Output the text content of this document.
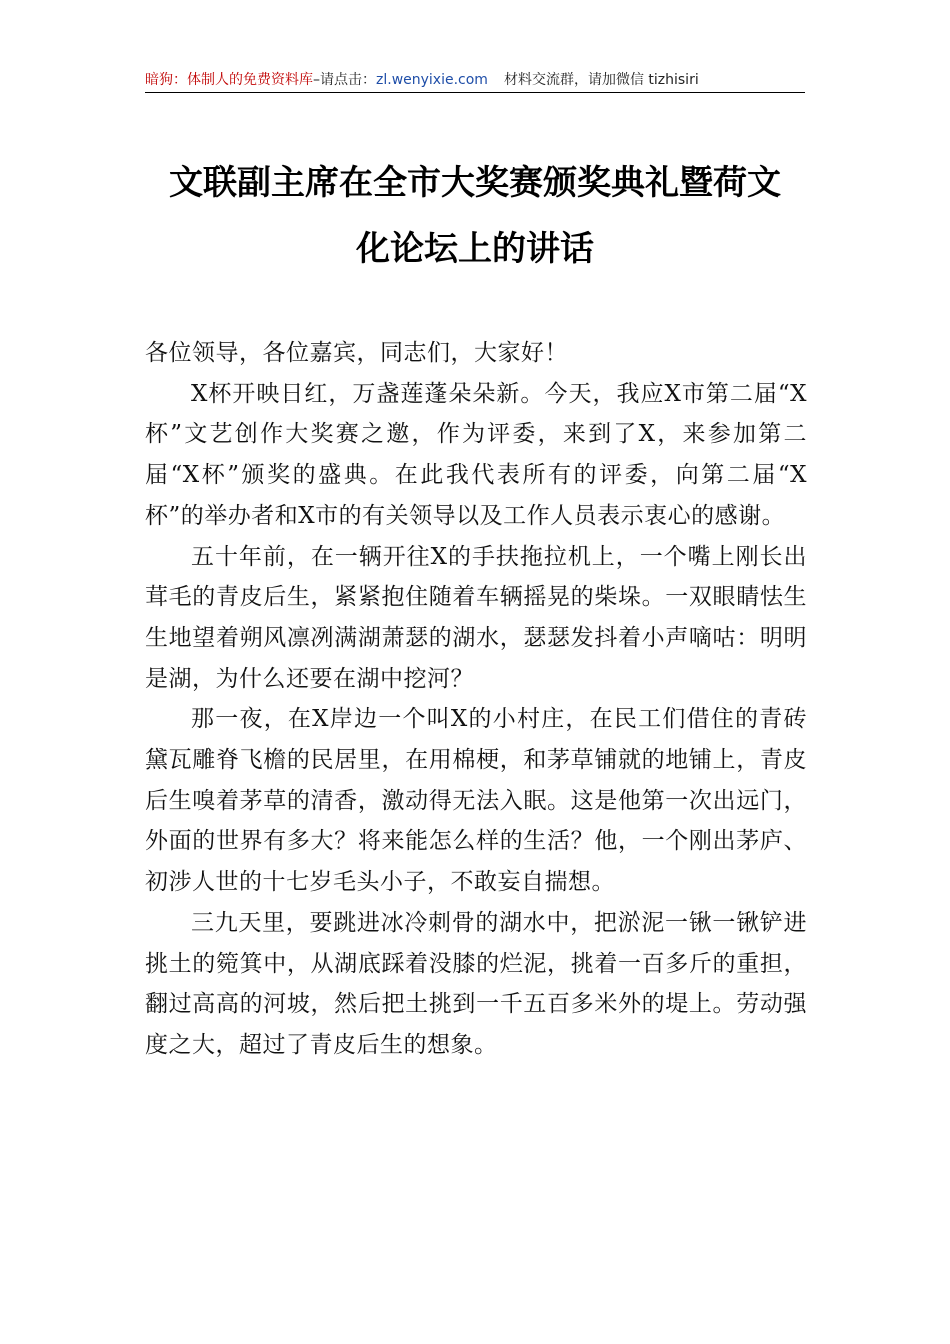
暗狗：体制人的免费资料库–请点击：zl.wenyixie.com 材料交流群，请加微信 tizhisiri
文联副主席在全市大奖赛颁奖典礼暨荷文
化论坛上的讲话

各位领导，各位嘉宾，同志们，大家好！

X杯开映日红，万盏莲蓬朵朵新。今天，我应X市第二届“X杯”文艺创作大奖赛之邀，作为评委，来到了X，来参加第二届“X杯”颁奖的盛典。在此我代表所有的评委，向第二届“X杯”的举办者和X市的有关领导以及工作人员表示衷心的感谢。

五十年前，在一辆开往X的手扶拖拉机上，一个嘴上刚长出茸毛的青皮后生，紧紧抱住随着车辆摇晃的柴垛。一双眼睛怯生生地望着朔风凛冽满湖萧瑟的湖水，瑟瑟发抖着小声嘀咕：明明是湖，为什么还要在湖中挖河？

那一夜，在X岸边一个叫X的小村庄，在民工们借住的青砖黛瓦雕脊飞檐的民居里，在用棉梗，和茅草铺就的地铺上，青皮后生嗅着茅草的清香，激动得无法入眠。这是他第一次出远门，外面的世界有多大？将来能怎么样的生活？他，一个刚出茅庐、初涉人世的十七岁毛头小子，不敢妄自揣想。

三九天里，要跳进冰冷刺骨的湖水中，把淤泥一锹一锹铲进挑土的箢箕中，从湖底踩着没膝的烂泥，挑着一百多斤的重担，翻过高高的河坡，然后把土挑到一千五百多米外的堤上。劳动强度之大，超过了青皮后生的想象。
